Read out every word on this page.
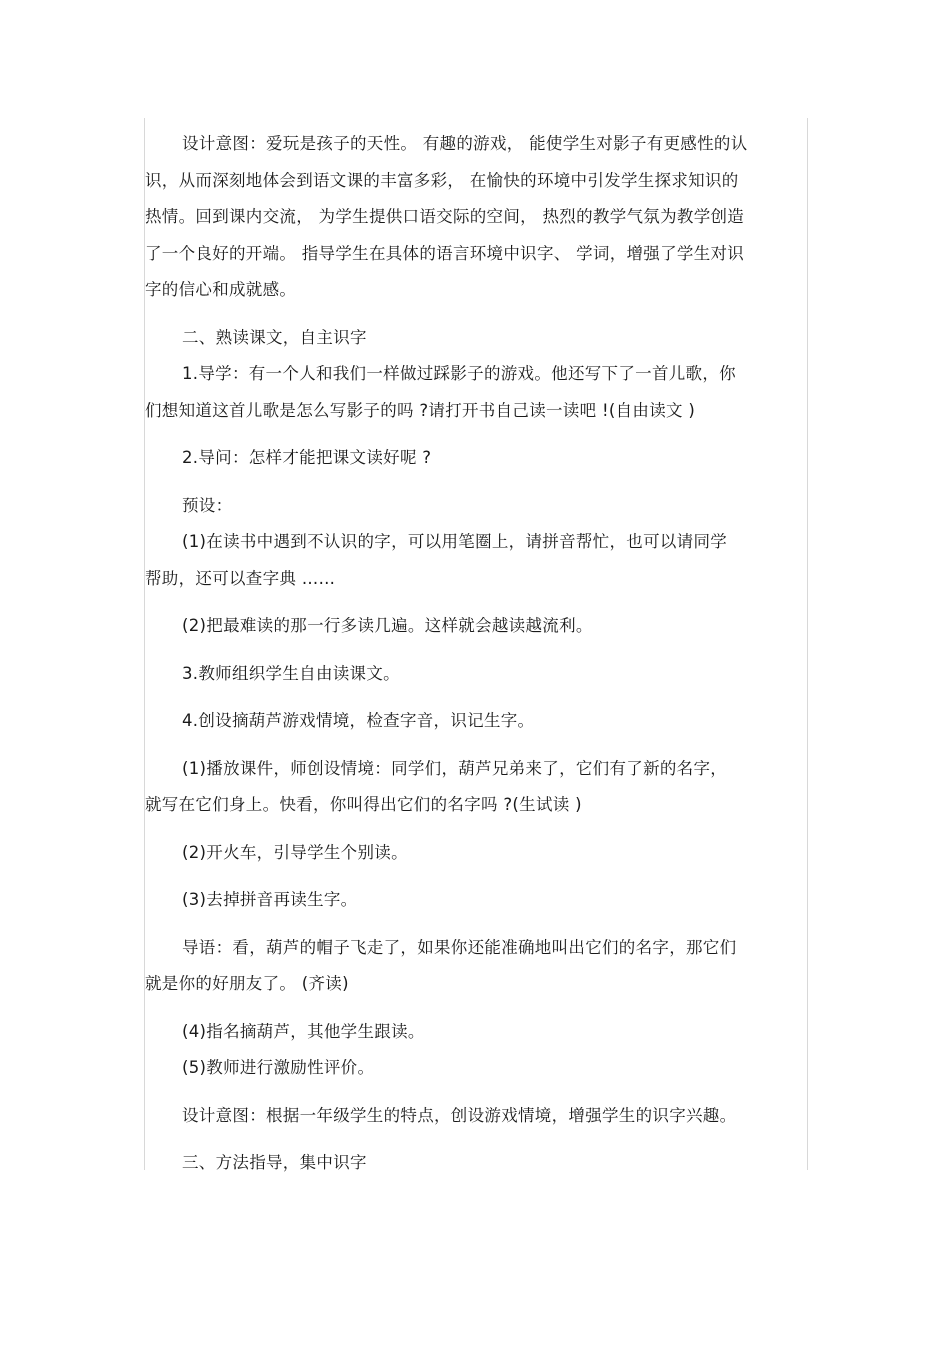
设计意图：爱玩是孩子的天性。 有趣的游戏， 能使学生对影子有更感性的认

识，从而深刻地体会到语文课的丰富多彩， 在愉快的环境中引发学生探求知识的

热情。回到课内交流， 为学生提供口语交际的空间， 热烈的教学气氛为教学创造

了一个良好的开端。 指导学生在具体的语言环境中识字、 学词，增强了学生对识

字的信心和成就感。

二、熟读课文，自主识字

1.导学：有一个人和我们一样做过踩影子的游戏。他还写下了一首儿歌，你

们想知道这首儿歌是怎么写影子的吗 ?请打开书自己读一读吧 !(自由读文 )

2.导问：怎样才能把课文读好呢 ?

预设：

(1)在读书中遇到不认识的字，可以用笔圈上，请拼音帮忙，也可以请同学

帮助，还可以查字典 ……

(2)把最难读的那一行多读几遍。这样就会越读越流利。

3.教师组织学生自由读课文。

4.创设摘葫芦游戏情境，检查字音，识记生字。

(1)播放课件，师创设情境：同学们，葫芦兄弟来了，它们有了新的名字，

就写在它们身上。快看，你叫得出它们的名字吗 ?(生试读 )

(2)开火车，引导学生个别读。

(3)去掉拼音再读生字。

导语：看，葫芦的帽子飞走了，如果你还能准确地叫出它们的名字，那它们

就是你的好朋友了。 (齐读)

(4)指名摘葫芦，其他学生跟读。

(5)教师进行激励性评价。

设计意图：根据一年级学生的特点，创设游戏情境，增强学生的识字兴趣。

三、方法指导，集中识字
